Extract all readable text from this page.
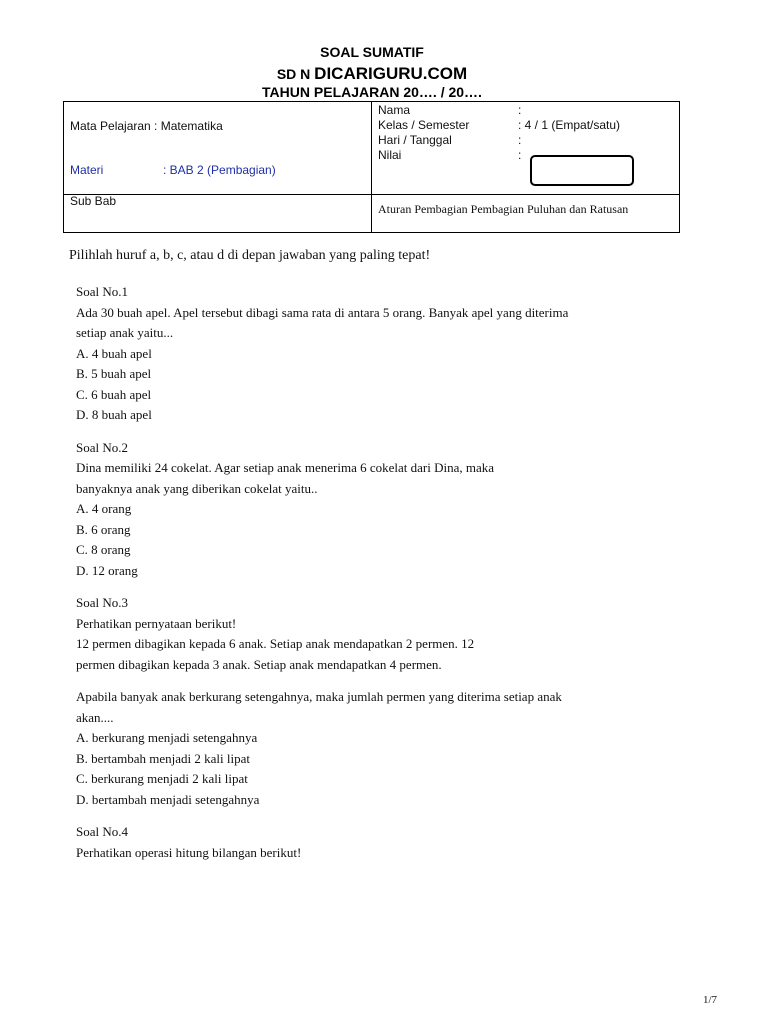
SOAL SUMATIF
SD N DICARIGURU.COM
TAHUN PELAJARAN 20…. / 20….
Mata Pelajaran : Matematika
Materi	: BAB 2 (Pembagian)
Sub Bab
Nama	:
Kelas / Semester	: 4 / 1 (Empat/satu)
Hari / Tanggal	:
Nilai	:
Aturan Pembagian Pembagian Puluhan dan Ratusan
Pilihlah huruf a, b, c, atau d di depan jawaban yang paling tepat!

Soal No.1

Ada 30 buah apel. Apel tersebut dibagi sama rata di antara 5 orang. Banyak apel yang diterima

setiap anak yaitu...

A. 4 buah apel

B. 5 buah apel

C. 6 buah apel

D. 8 buah apel

Soal No.2

Dina memiliki 24 cokelat. Agar setiap anak menerima 6 cokelat dari Dina, maka

banyaknya anak yang diberikan cokelat yaitu..

A. 4 orang

B. 6 orang

C. 8 orang

D. 12 orang

Soal No.3

Perhatikan pernyataan berikut!

12 permen dibagikan kepada 6 anak. Setiap anak mendapatkan 2 permen. 12

permen dibagikan kepada 3 anak. Setiap anak mendapatkan 4 permen.

Apabila banyak anak berkurang setengahnya, maka jumlah permen yang diterima setiap anak

akan....

A. berkurang menjadi setengahnya

B. bertambah menjadi 2 kali lipat

C. berkurang menjadi 2 kali lipat

D. bertambah menjadi setengahnya

Soal No.4

Perhatikan operasi hitung bilangan berikut!

1/7
